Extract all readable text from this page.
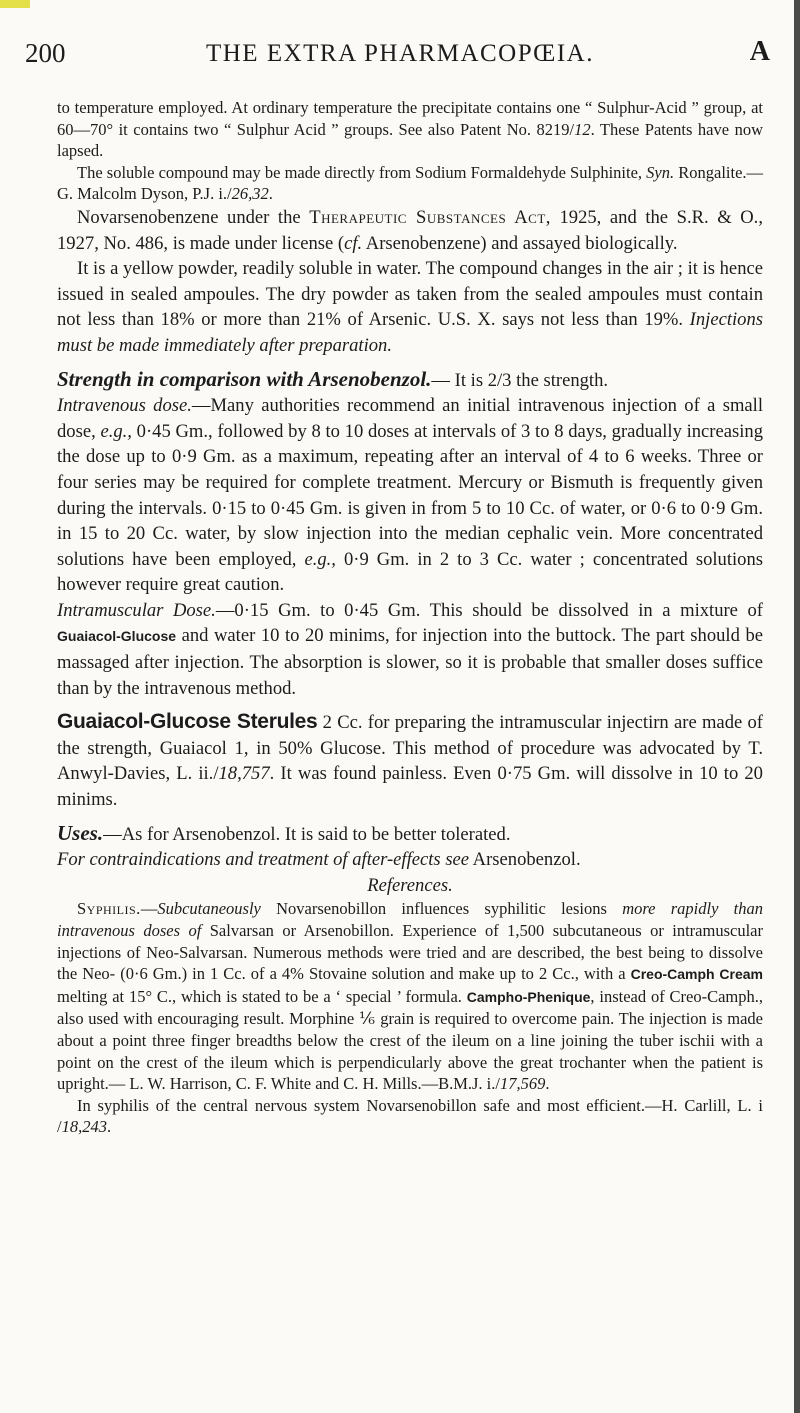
200	THE EXTRA PHARMACOPŒIA.	A

to temperature employed. At ordinary temperature the precipitate contains one “ Sulphur-Acid ” group, at 60—70° it contains two “ Sulphur Acid ” groups. See also Patent No. 8219/12. These Patents have now lapsed.

The soluble compound may be made directly from Sodium Formaldehyde Sulphinite, Syn. Rongalite.—G. Malcolm Dyson, P.J. i./26,32.

Novarsenobenzene under the Therapeutic Substances Act, 1925, and the S.R. & O., 1927, No. 486, is made under license (cf. Arsenobenzene) and assayed biologically.

It is a yellow powder, readily soluble in water. The compound changes in the air ; it is hence issued in sealed ampoules. The dry powder as taken from the sealed ampoules must contain not less than 18% or more than 21% of Arsenic. U.S. X. says not less than 19%. Injections must be made immediately after preparation.

Strength in comparison with Arsenobenzol.— It is 2/3 the strength.

Intravenous dose.—Many authorities recommend an initial intravenous injection of a small dose, e.g., 0·45 Gm., followed by 8 to 10 doses at intervals of 3 to 8 days, gradually increasing the dose up to 0·9 Gm. as a maximum, repeating after an interval of 4 to 6 weeks. Three or four series may be required for complete treatment. Mercury or Bismuth is frequently given during the intervals. 0·15 to 0·45 Gm. is given in from 5 to 10 Cc. of water, or 0·6 to 0·9 Gm. in 15 to 20 Cc. water, by slow injection into the median cephalic vein. More concentrated solutions have been employed, e.g., 0·9 Gm. in 2 to 3 Cc. water ; concentrated solutions however require great caution.

Intramuscular Dose.—0·15 Gm. to 0·45 Gm. This should be dissolved in a mixture of Guaiacol-Glucose and water 10 to 20 minims, for injection into the buttock. The part should be massaged after injection. The absorption is slower, so it is probable that smaller doses suffice than by the intravenous method.

Guaiacol-Glucose Sterules 2 Cc. for preparing the intramuscular injectirn are made of the strength, Guaiacol 1, in 50% Glucose. This method of procedure was advocated by T. Anwyl-Davies, L. ii./18,757. It was found painless. Even 0·75 Gm. will dissolve in 10 to 20 minims.

Uses.—As for Arsenobenzol. It is said to be better tolerated.

For contraindications and treatment of after-effects see Arsenobenzol.

References.

Syphilis.—Subcutaneously Novarsenobillon influences syphilitic lesions more rapidly than intravenous doses of Salvarsan or Arsenobillon. Experience of 1,500 subcutaneous or intramuscular injections of Neo-Salvarsan. Numerous methods were tried and are described, the best being to dissolve the Neo- (0·6 Gm.) in 1 Cc. of a 4% Stovaine solution and make up to 2 Cc., with a Creo-Camph Cream melting at 15° C., which is stated to be a ‘ special ’ formula. Campho-Phenique, instead of Creo-Camph., also used with encouraging result. Morphine ⅙ grain is required to overcome pain. The injection is made about a point three finger breadths below the crest of the ileum on a line joining the tuber ischii with a point on the crest of the ileum which is perpendicularly above the great trochanter when the patient is upright.— L. W. Harrison, C. F. White and C. H. Mills.—B.M.J. i./17,569.

In syphilis of the central nervous system Novarsenobillon safe and most efficient.—H. Carlill, L. i /18,243.
